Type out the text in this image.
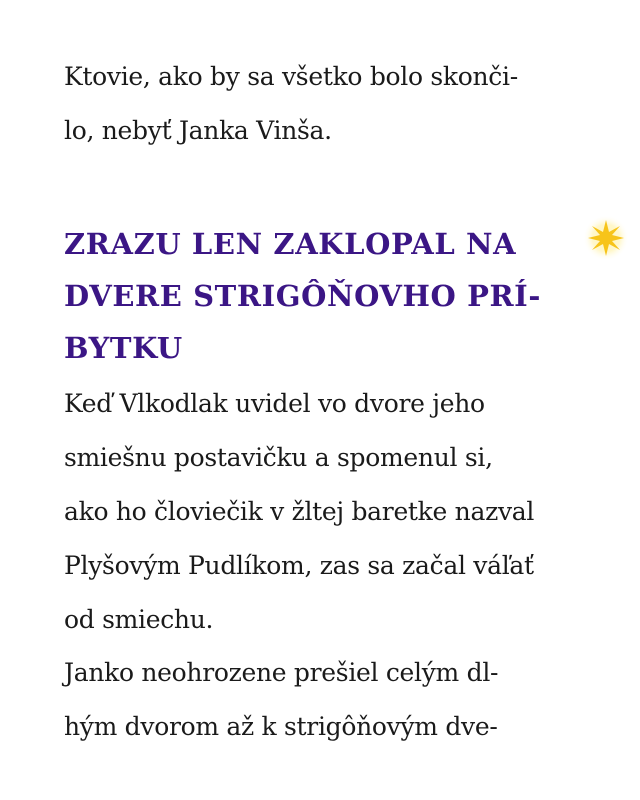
Ktovie, ako by sa všetko bolo skonči-
lo, nebyť Janka Vinša.

ZRAZU LEN ZAKLOPAL NA
DVERE STRIGÔŇOVHO PRÍ-
BYTKU

Keď Vlkodlak uvidel vo dvore jeho
smiešnu postavičku a spomenul si,
ako ho človiečik v žltej baretke nazval
Plyšovým Pudlíkom, zas sa začal váľať
od smiechu.

Janko neohrozene prešiel celým dl-
hým dvorom až k strigôňovým dve-
